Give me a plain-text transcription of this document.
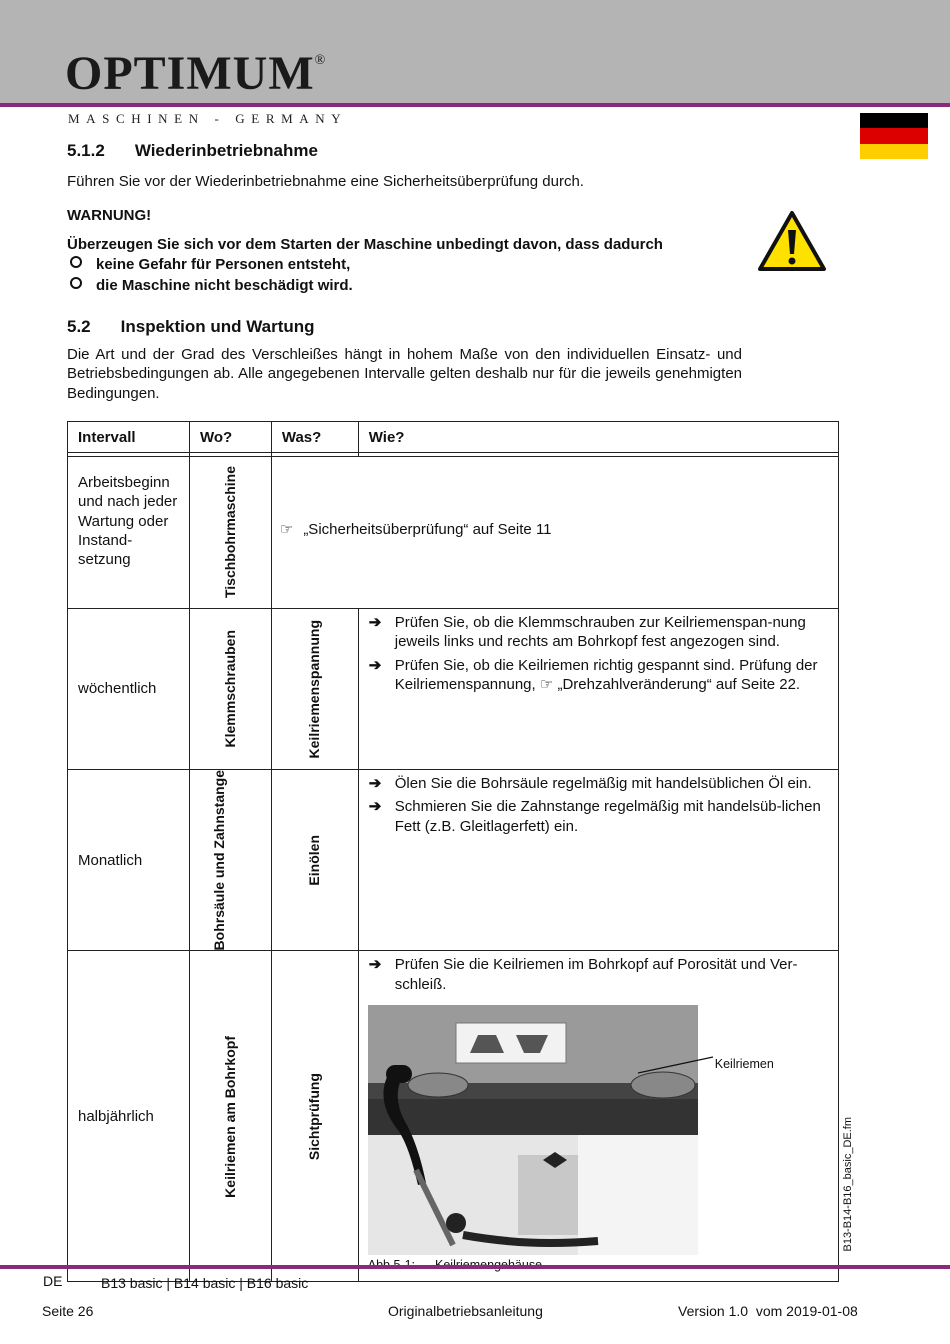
OPTIMUM®
MASCHINEN - GERMANY
5.1.2 Wiederinbetriebnahme
Führen Sie vor der Wiederinbetriebnahme eine Sicherheitsüberprüfung durch.
WARNUNG!
Überzeugen Sie sich vor dem Starten der Maschine unbedingt davon, dass dadurch
keine Gefahr für Personen entsteht,
die Maschine nicht beschädigt wird.
5.2 Inspektion und Wartung
Die Art und der Grad des Verschleißes hängt in hohem Maße von den individuellen Einsatz- und Betriebsbedingungen ab. Alle angegebenen Intervalle gelten deshalb nur für die jeweils genehmigten Bedingungen.
Intervall	Wo?	Was?	Wie?

Arbeitsbeginn und nach jeder Wartung oder Instand-setzung	Tischbohrmaschine	☞ „Sicherheitsüberprüfung“ auf Seite 11	
wöchentlich	Klemmschrauben	Keilriemenspannung	➔ Prüfen Sie, ob die Klemmschrauben zur Keilriemenspan-nung jeweils links und rechts am Bohrkopf fest angezogen sind.
➔ Prüfen Sie, ob die Keilriemen richtig gespannt sind. Prüfung der Keilriemenspannung, ☞ „Drehzahlveränderung“ auf Seite 22.

Monatlich	Bohrsäule und Zahnstange	Einölen	➔ Ölen Sie die Bohrsäule regelmäßig mit handelsüblichen Öl ein.
➔ Schmieren Sie die Zahnstange regelmäßig mit handelsüb-lichen Fett (z.B. Gleitlagerfett) ein.

halbjährlich	Keilriemen am Bohrkopf	Sichtprüfung	➔ Prüfen Sie die Keilriemen im Bohrkopf auf Porosität und Ver-schleiß.
Keilriemen
B13-B14-B16_basic_DE.fm
DE	B13 basic | B14 basic | B16 basic
Seite 26	Originalbetriebsanleitung	Version 1.0  vom 2019-01-08
